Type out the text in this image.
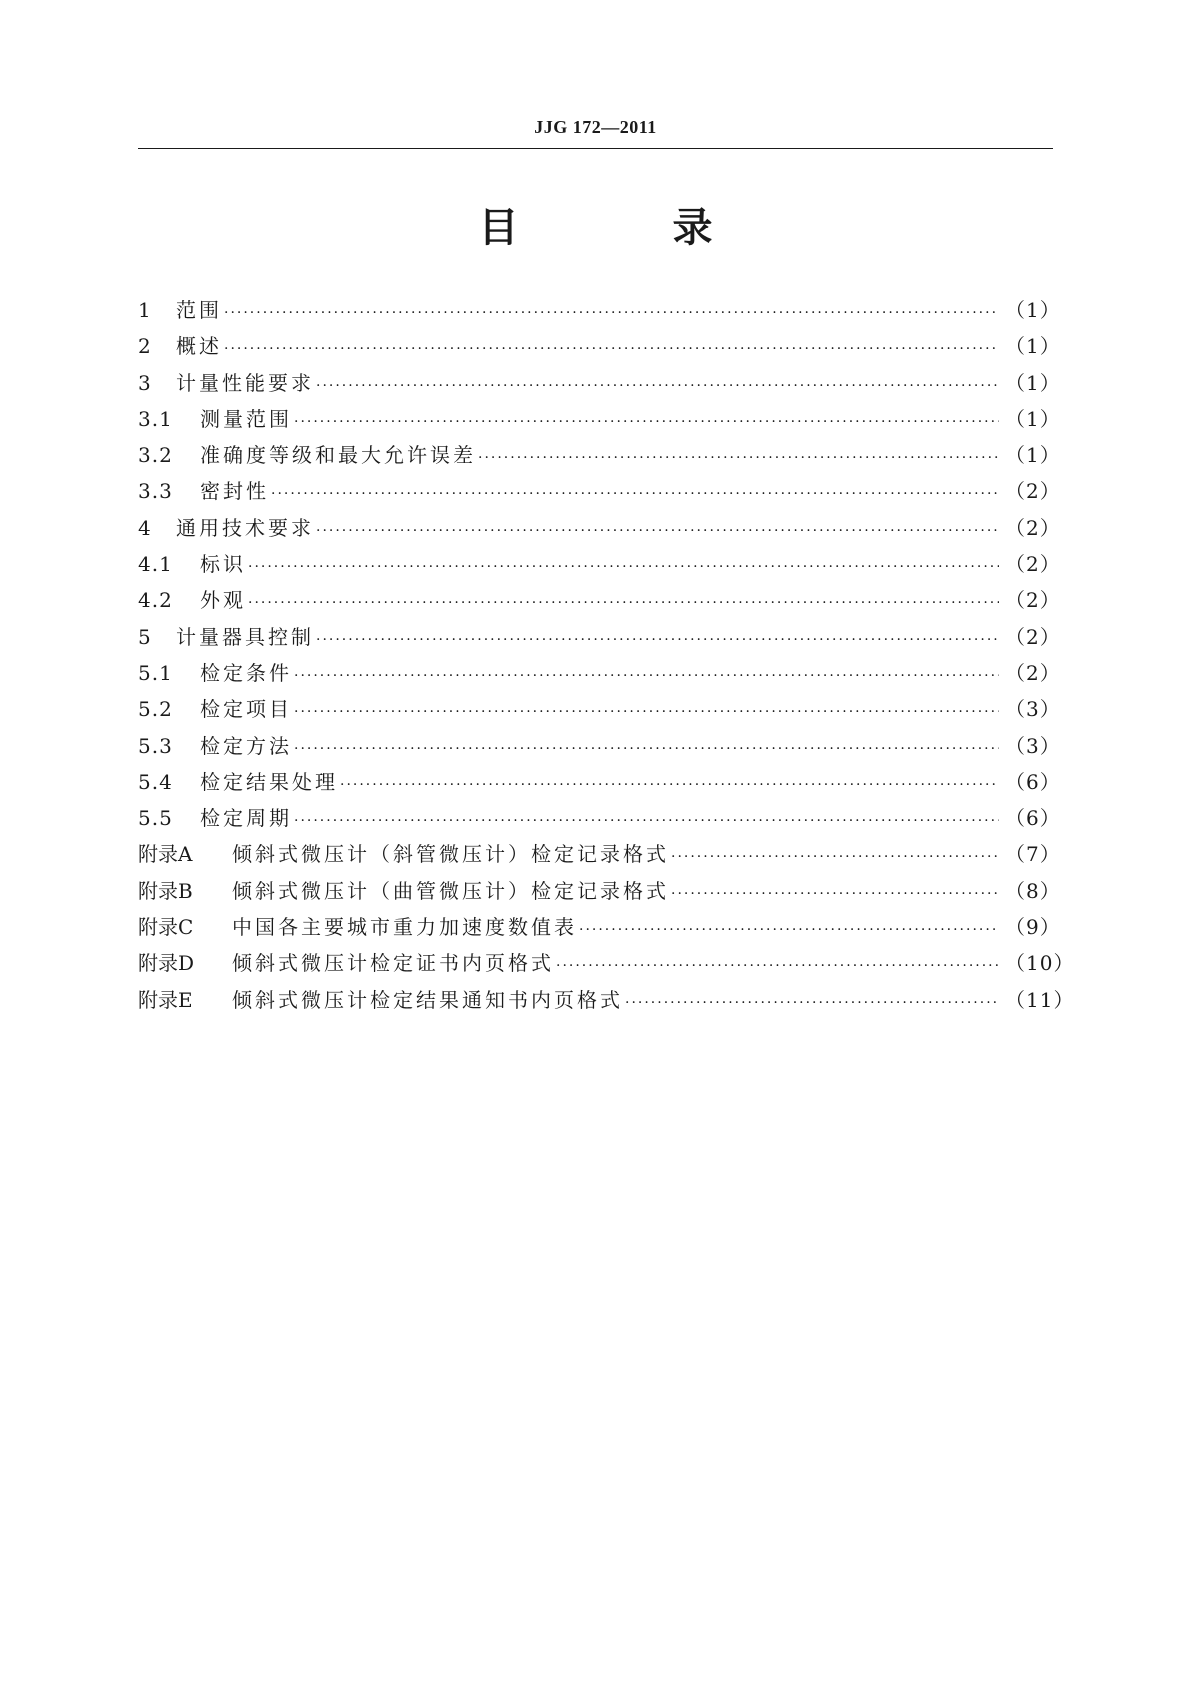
JJG 172—2011
目 录
1	范围 ·····	（1）
2	概述 ·····	（1）
3	计量性能要求 ·····	（1）
3.1	测量范围 ·····	（1）
3.2	准确度等级和最大允许误差 ·····	（1）
3.3	密封性 ·····	（2）
4	通用技术要求 ·····	（2）
4.1	标识 ·····	（2）
4.2	外观 ·····	（2）
5	计量器具控制 ·····	（2）
5.1	检定条件 ·····	（2）
5.2	检定项目 ·····	（3）
5.3	检定方法 ·····	（3）
5.4	检定结果处理 ·····	（6）
5.5	检定周期 ·····	（6）
附录A	倾斜式微压计（斜管微压计）检定记录格式 ·····	（7）
附录B	倾斜式微压计（曲管微压计）检定记录格式 ·····	（8）
附录C	中国各主要城市重力加速度数值表 ·····	（9）
附录D	倾斜式微压计检定证书内页格式 ·····	（10）
附录E	倾斜式微压计检定结果通知书内页格式 ·····	（11）
